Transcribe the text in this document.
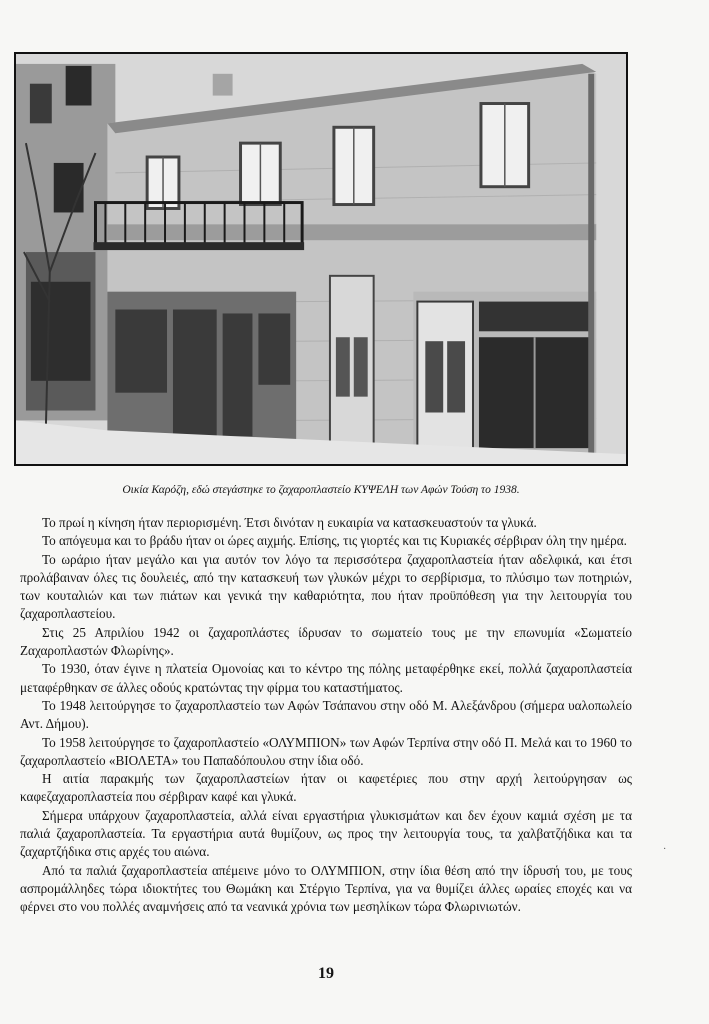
Οικία Καρόζη, εδώ στεγάστηκε το ζαχαροπλαστείο ΚΥΨΕΛΗ των Αφών Τούση το 1938.

Το πρωί η κίνηση ήταν περιορισμένη. Έτσι δινόταν η ευκαιρία να κατασκευαστούν τα γλυκά.

Το απόγευμα και το βράδυ ήταν οι ώρες αιχμής. Επίσης, τις γιορτές και τις Κυριακές σέρβιραν όλη την ημέρα.

Το ωράριο ήταν μεγάλο και για αυτόν τον λόγο τα περισσότερα ζαχαροπλαστεία ήταν αδελφικά, και έτσι προλάβαιναν όλες τις δουλειές, από την κατασκευή των γλυκών μέχρι το σερβίρισμα, το πλύσιμο των ποτηριών, των κουταλιών και των πιάτων και γενικά την καθαριότητα, που ήταν προϋπόθεση για την λειτουργία του ζαχαροπλαστείου.

Στις 25 Απριλίου 1942 οι ζαχαροπλάστες ίδρυσαν το σωματείο τους με την επωνυμία «Σωματείο Ζαχαροπλαστών Φλωρίνης».

Το 1930, όταν έγινε η πλατεία Ομονοίας και το κέντρο της πόλης μεταφέρθηκε εκεί, πολλά ζαχαροπλαστεία μεταφέρθηκαν σε άλλες οδούς κρατώντας την φίρμα του καταστήματος.

Το 1948 λειτούργησε το ζαχαροπλαστείο των Αφών Τσάπανου στην οδό Μ. Αλεξάνδρου (σήμερα υαλοπωλείο Αντ. Δήμου).

Το 1958 λειτούργησε το ζαχαροπλαστείο «ΟΛΥΜΠΙΟΝ» των Αφών Τερπίνα στην οδό Π. Μελά και το 1960 το ζαχαροπλαστείο «ΒΙΟΛΕΤΑ» του Παπαδόπουλου στην ίδια οδό.

Η αιτία παρακμής των ζαχαροπλαστείων ήταν οι καφετέριες που στην αρχή λειτούργησαν ως καφεζαχαροπλαστεία που σέρβιραν καφέ και γλυκά.

Σήμερα υπάρχουν ζαχαροπλαστεία, αλλά είναι εργαστήρια γλυκισμάτων και δεν έχουν καμιά σχέση με τα παλιά ζαχαροπλαστεία. Τα εργαστήρια αυτά θυμίζουν, ως προς την λειτουργία τους, τα χαλβατζήδικα και τα ζαχαρτζήδικα στις αρχές του αιώνα.

Από τα παλιά ζαχαροπλαστεία απέμεινε μόνο το ΟΛΥΜΠΙΟΝ, στην ίδια θέση από την ίδρυσή του, με τους ασπρομάλληδες τώρα ιδιοκτήτες του Θωμάκη και Στέργιο Τερπίνα, για να θυμίζει άλλες ωραίες εποχές και να φέρνει στο νου πολλές αναμνήσεις από τα νεανικά χρόνια των μεσηλίκων τώρα Φλωρινιωτών.

·
19
